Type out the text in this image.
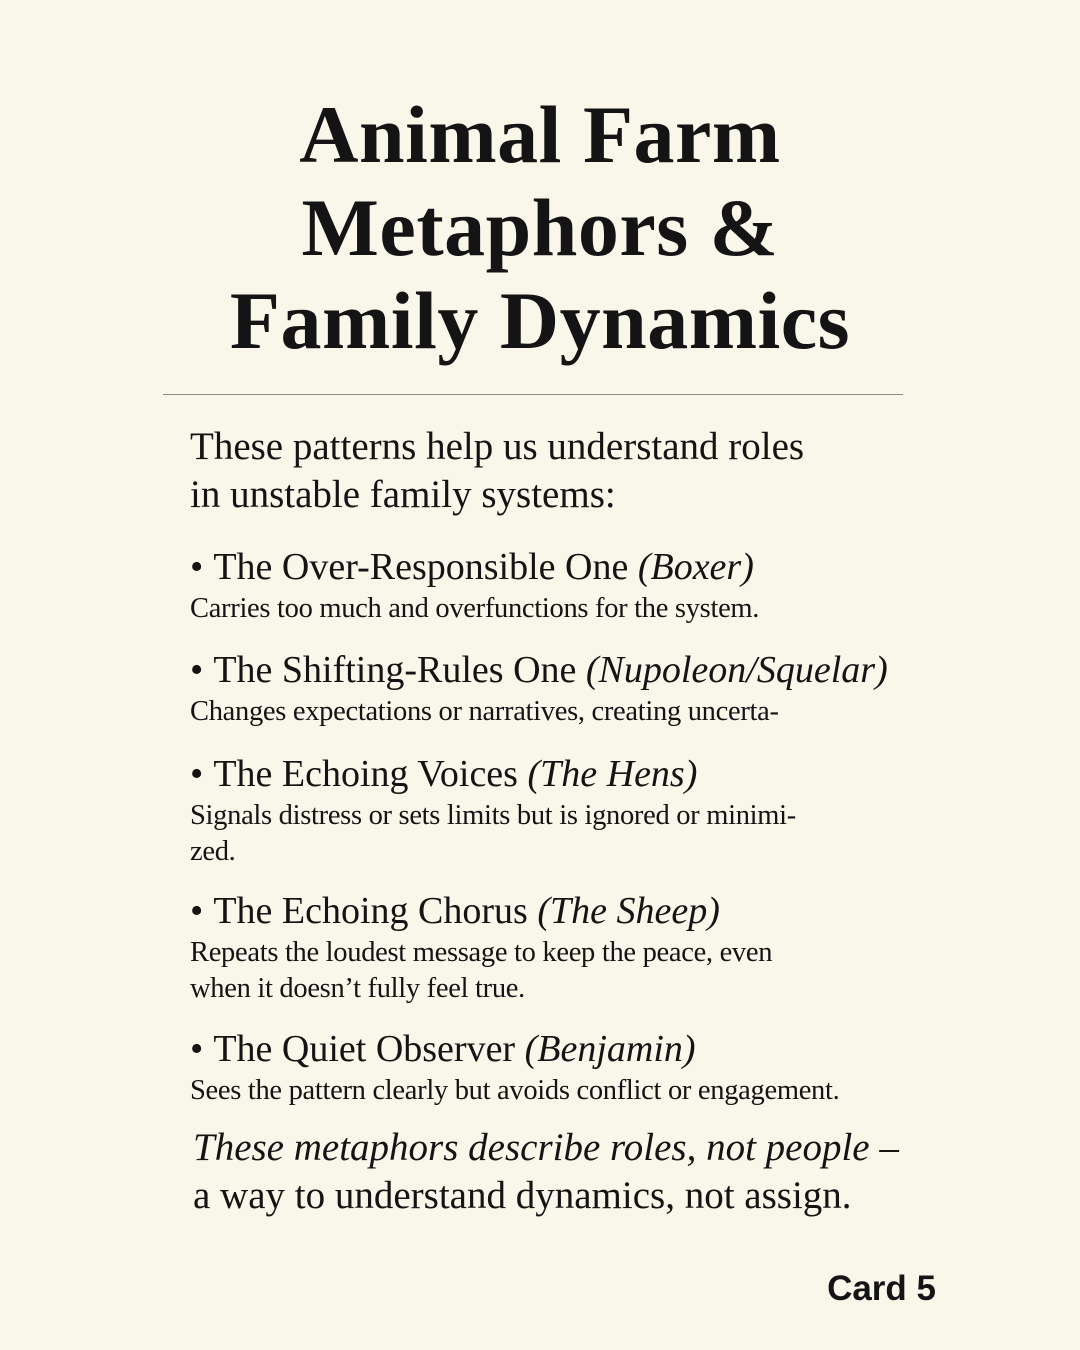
Animal Farm
Metaphors &
Family Dynamics

These patterns help us understand roles
in unstable family systems:

• The Over-Responsible One (Boxer)
Carries too much and overfunctions for the system.
• The Shifting-Rules One (Nupoleon/Squelar)
Changes expectations or narratives, creating uncerta-
• The Echoing Voices (The Hens)
Signals distress or sets limits but is ignored or minimi-
zed.
• The Echoing Chorus (The Sheep)
Repeats the loudest message to keep the peace, even
when it doesn’t fully feel true.
• The Quiet Observer (Benjamin)
Sees the pattern clearly but avoids conflict or engagement.
These metaphors describe roles, not people –
a way to understand dynamics, not assign.
Card 5
